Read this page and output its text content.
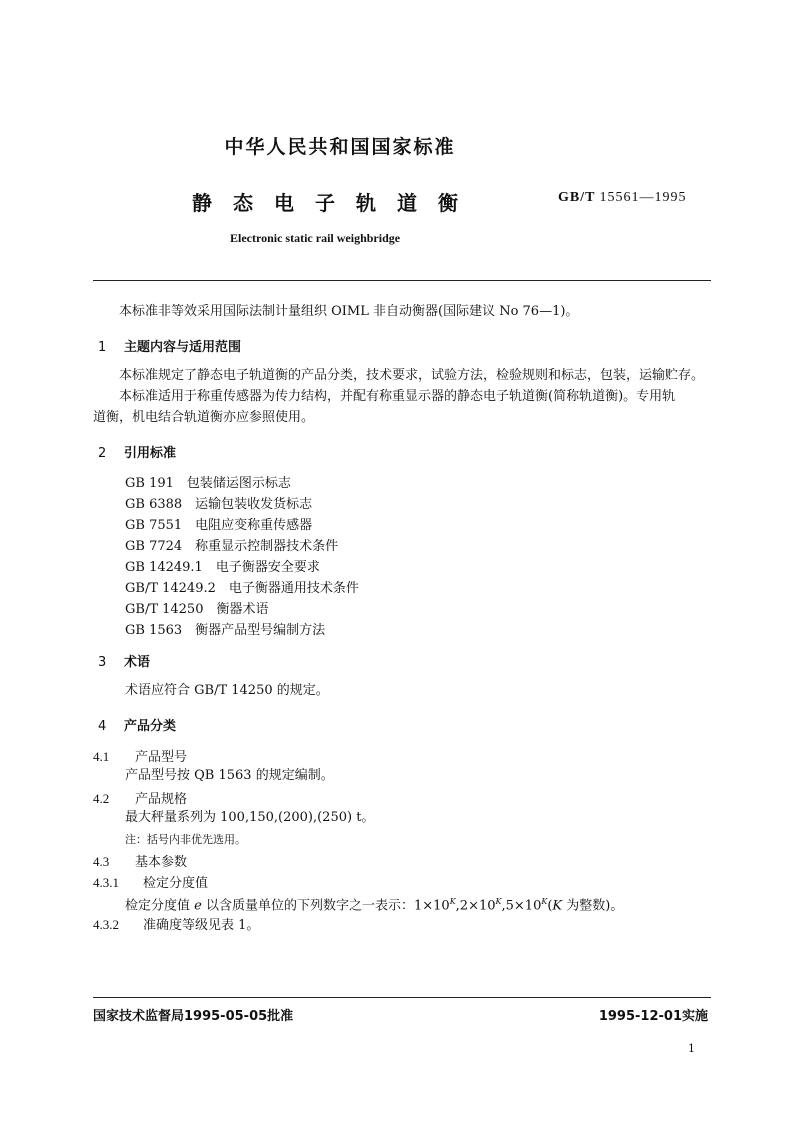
中华人民共和国国家标准
静态电子轨道衡	GB/T 15561—1995
Electronic static rail weighbridge
本标准非等效采用国际法制计量组织 OIML 非自动衡器(国际建议 No 76—1)。
1 主题内容与适用范围
本标准规定了静态电子轨道衡的产品分类，技术要求，试验方法，检验规则和标志，包装，运输贮存。
本标准适用于称重传感器为传力结构，并配有称重显示器的静态电子轨道衡(简称轨道衡)。专用轨
道衡，机电结合轨道衡亦应参照使用。
2 引用标准
GB 191　包装储运图示标志
GB 6388　运输包装收发货标志
GB 7551　电阻应变称重传感器
GB 7724　称重显示控制器技术条件
GB 14249.1　电子衡器安全要求
GB/T 14249.2　电子衡器通用技术条件
GB/T 14250　衡器术语
GB 1563　衡器产品型号编制方法
3 术语
术语应符合 GB/T 14250 的规定。
4 产品分类
4.1 产品型号
产品型号按 QB 1563 的规定编制。
4.2 产品规格
最大秤量系列为 100,150,(200),(250) t。
注：括号内非优先选用。
4.3 基本参数
4.3.1 检定分度值
检定分度值 e 以含质量单位的下列数字之一表示：$1\times 10^K,2\times 10^K,5\times 10^K(K$ 为整数)。
4.3.2 准确度等级见表 1。
国家技术监督局1995-05-05批准	1995-12-01实施
1
